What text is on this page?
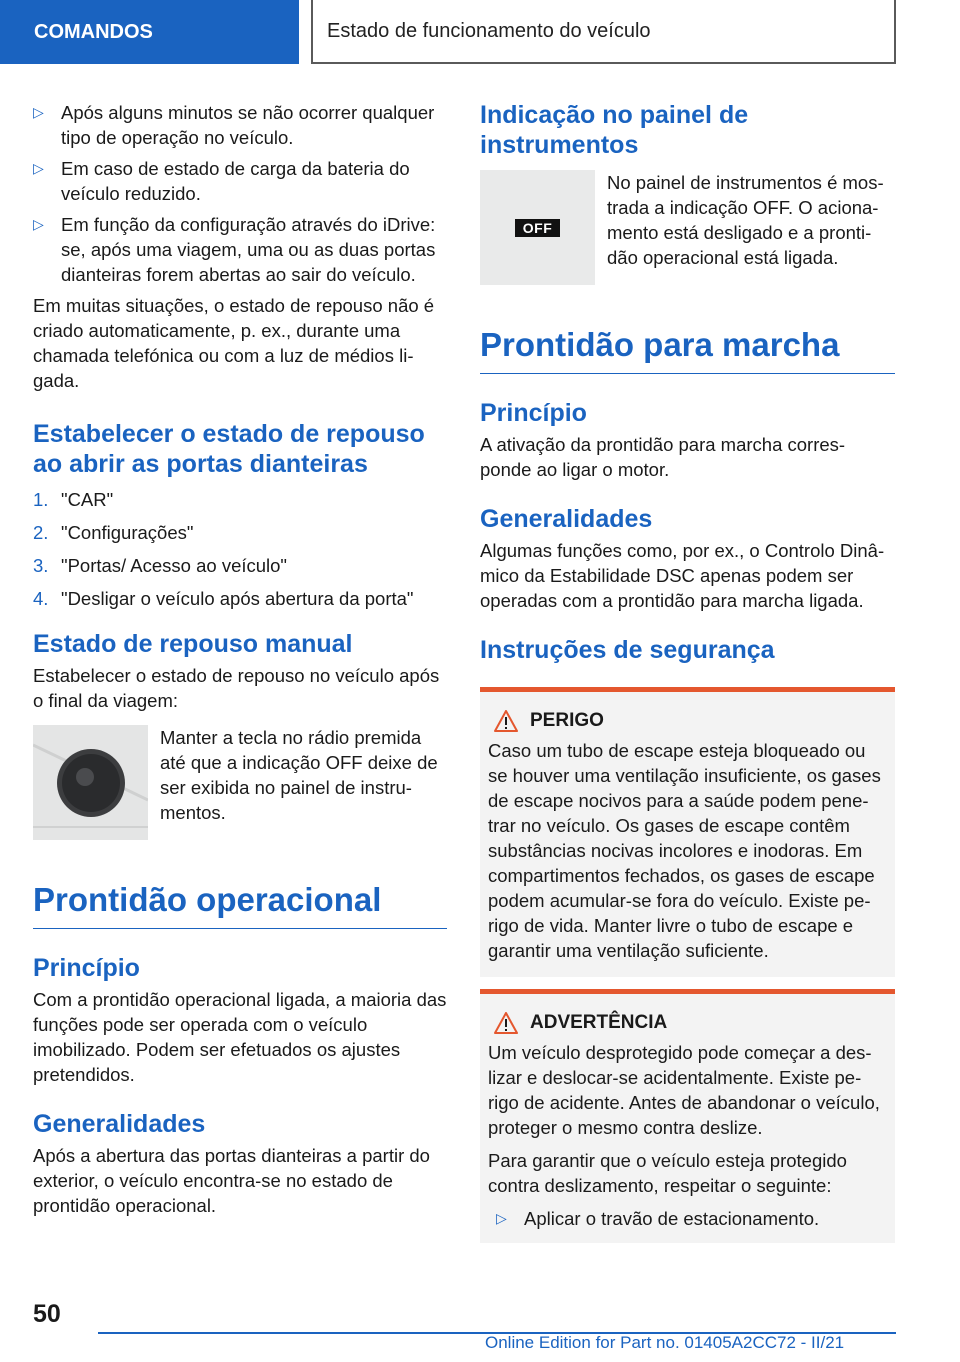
COMANDOS	Estado de funcionamento do veículo
▷ Após alguns minutos se não ocorrer qualquer tipo de operação no veículo.
▷ Em caso de estado de carga da bateria do veículo reduzido.
▷ Em função da configuração através do iDrive: se, após uma viagem, uma ou as duas portas dianteiras forem abertas ao sair do veículo.

Em muitas situações, o estado de repouso não é criado automaticamente, p. ex., durante uma chamada telefónica ou com a luz de médios li-gada.

Estabelecer o estado de repouso ao abrir as portas dianteiras
1. "CAR"
2. "Configurações"
3. "Portas/ Acesso ao veículo"
4. "Desligar o veículo após abertura da porta"
Estado de repouso manual

Estabelecer o estado de repouso no veículo após o final da viagem:

Manter a tecla no rádio premida até que a indicação OFF deixe de ser exibida no painel de instru-mentos.

Prontidão operacional
Princípio

Com a prontidão operacional ligada, a maioria das funções pode ser operada com o veículo imobilizado. Podem ser efetuados os ajustes pretendidos.

Generalidades

Após a abertura das portas dianteiras a partir do exterior, o veículo encontra-se no estado de prontidão operacional.

Indicação no painel de instrumentos
OFF

No painel de instrumentos é mos-trada a indicação OFF. O aciona-mento está desligado e a pronti-dão operacional está ligada.

Prontidão para marcha
Princípio

A ativação da prontidão para marcha corres-ponde ao ligar o motor.

Generalidades

Algumas funções como, por ex., o Controlo Dinâ-mico da Estabilidade DSC apenas podem ser operadas com a prontidão para marcha ligada.

Instruções de segurança
PERIGO

Caso um tubo de escape esteja bloqueado ou se houver uma ventilação insuficiente, os gases de escape nocivos para a saúde podem pene-trar no veículo. Os gases de escape contêm substâncias nocivas incolores e inodoras. Em compartimentos fechados, os gases de escape podem acumular-se fora do veículo. Existe pe-rigo de vida. Manter livre o tubo de escape e garantir uma ventilação suficiente.

ADVERTÊNCIA

Um veículo desprotegido pode começar a des-lizar e deslocar-se acidentalmente. Existe pe-rigo de acidente. Antes de abandonar o veículo, proteger o mesmo contra deslize.

Para garantir que o veículo esteja protegido contra deslizamento, respeitar o seguinte:

▷ Aplicar o travão de estacionamento.
50
Online Edition for Part no. 01405A2CC72 - II/21
